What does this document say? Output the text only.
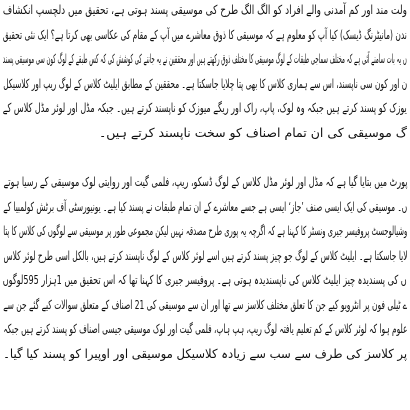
ولت مند اور کم آمدنی والے افراد کو الگ الگ طرح کی موسیقی پسند ہوتی ہے، تحقیق میں دلچسپ انکشاف
ندن (مانیٹرنگ ڈیسک) کیا آپ کو معلوم ہے کہ موسیقی کا ذوق معاشرے میں آپ کے مقام کی عکاسی بھی کرتا ہے؟ ایک نئی تحقیق
ں یہ بات سامنے آئی ہے کہ مختلف سماجی طبقات کے لوگ موسیقی کا مختلف ذوق رکھتے ہیں اور محققین نے یہ جاننے کی کوشش کی کہ کس طبقے کے لوگ کون سی موسیقی پسند
ن اور کون سی ناپسند، اس سے ہماری کلاس کا بھی پتا چلایا جاسکتا ہے۔ محققین کے مطابق ایلیٹ کلاس کے لوگ ریپ اور کلاسیکل
یوزک کو پسند کرتے ہیں جبکہ وہ لوک، پاپ، راک اور ریگے میوزک کو ناپسند کرتے ہیں۔ جبکہ مڈل اور لوئر مڈل کلاس کے
گ موسیقی کی ان تمام اصناف کو سخت ناپسند کرتے ہیں۔
پورٹ میں بتایا گیا ہے کہ مڈل اور لوئر مڈل کلاس کے لوگ ڈسکو، ریپ، فلمی گیت اور روایتی لوک موسیقی کے رسیا ہوتے
ں۔ موسیقی کی ایک ایسی صنف ’جاز‘ ایسی ہے جسے معاشرے کے ان تمام طبقات نے پسند کیا ہے۔ یونیورسٹی آف برٹش کولمبیا کے
وشیالوجسٹ پروفیسر جیری ونسٹر کا کہنا ہے کہ اگرچہ یہ پوری طرح مصدقہ نہیں لیکن مجموعی طور پر موسیقی سے لوگوں کی کلاس کا پتا
لایا جاسکتا ہے۔ ایلیٹ کلاس کے لوگ جو چیز پسند کرتے ہیں اسے لوئر کلاس کے لوگ ناپسند کرتے ہیں، بالکل اسی طرح لوئر کلاس
ں کی پسندیدہ چیز ایلیٹ کلاس کی ناپسندیدہ ہوتی ہے۔ پروفیسر جیری کا کہنا تھا کہ اس تحقیق میں 1ہزار 595لوگوں
ے ٹیلی فون پر انٹرویو کیے جن کا تعلق مختلف کلاسز سے تھا اور ان سے موسیقی کی 21 اصناف کے متعلق سوالات کیے گئے جن سے
علوم ہوا کہ لوئر کلاس کے کم تعلیم یافتہ لوگ ریپ، ہپ ہاپ، فلمی گیت اور لوک موسیقی جیسی اصناف کو پسند کرتے ہیں جبکہ
پر کلاسز کی طرف سے سب سے زیادہ کلاسیکل موسیقی اور اوپیرا کو پسند کیا گیا۔
